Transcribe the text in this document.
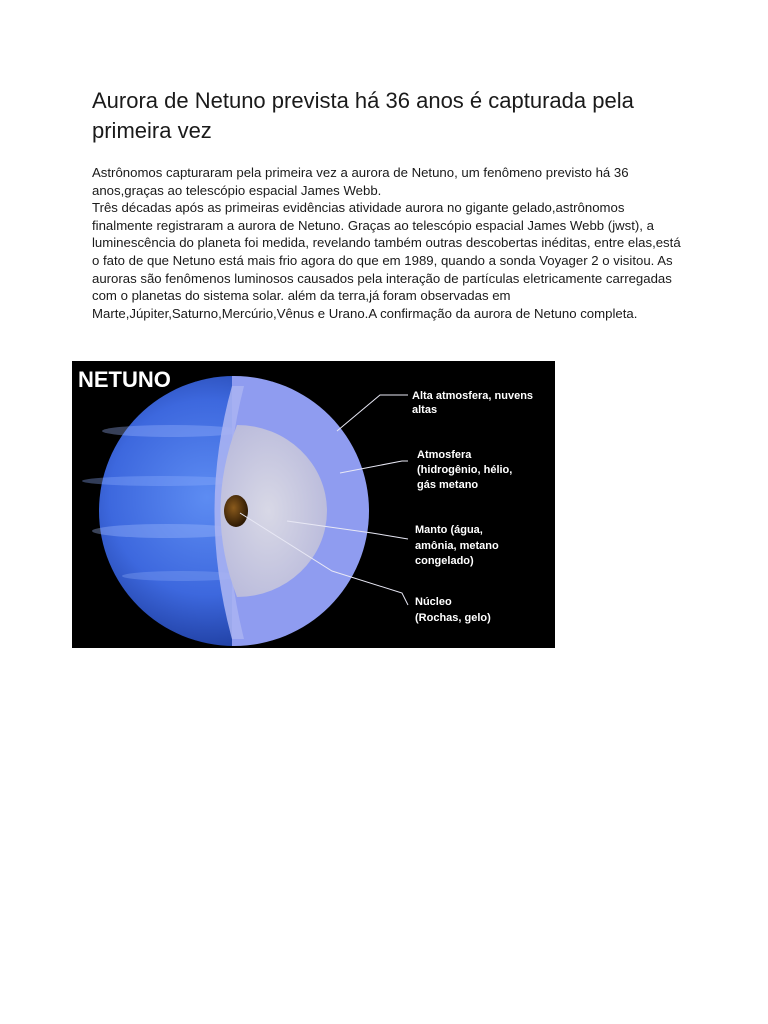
Aurora de Netuno prevista há 36 anos é capturada pela primeira vez

Astrônomos capturaram pela primeira vez a aurora de Netuno, um fenômeno previsto há 36 anos,graças ao telescópio espacial James Webb.

Três décadas após as primeiras evidências atividade aurora no gigante gelado,astrônomos finalmente registraram a aurora de Netuno. Graças ao telescópio espacial James Webb (jwst), a luminescência do planeta foi medida, revelando também outras descobertas inéditas, entre elas,está o fato de que Netuno está mais frio agora do que em 1989, quando a sonda Voyager 2 o visitou. As auroras são fenômenos luminosos causados pela interação de partículas eletricamente carregadas com o planetas do sistema solar. além da terra,já foram observadas em Marte,Júpiter,Saturno,Mercúrio,Vênus e Urano.A confirmação da aurora de Netuno completa.

NETUNO
Alta atmosfera, nuvens
altas
Atmosfera
(hidrogênio, hélio,
gás metano
Manto (água,
amônia, metano
congelado)
Núcleo
(Rochas, gelo)
